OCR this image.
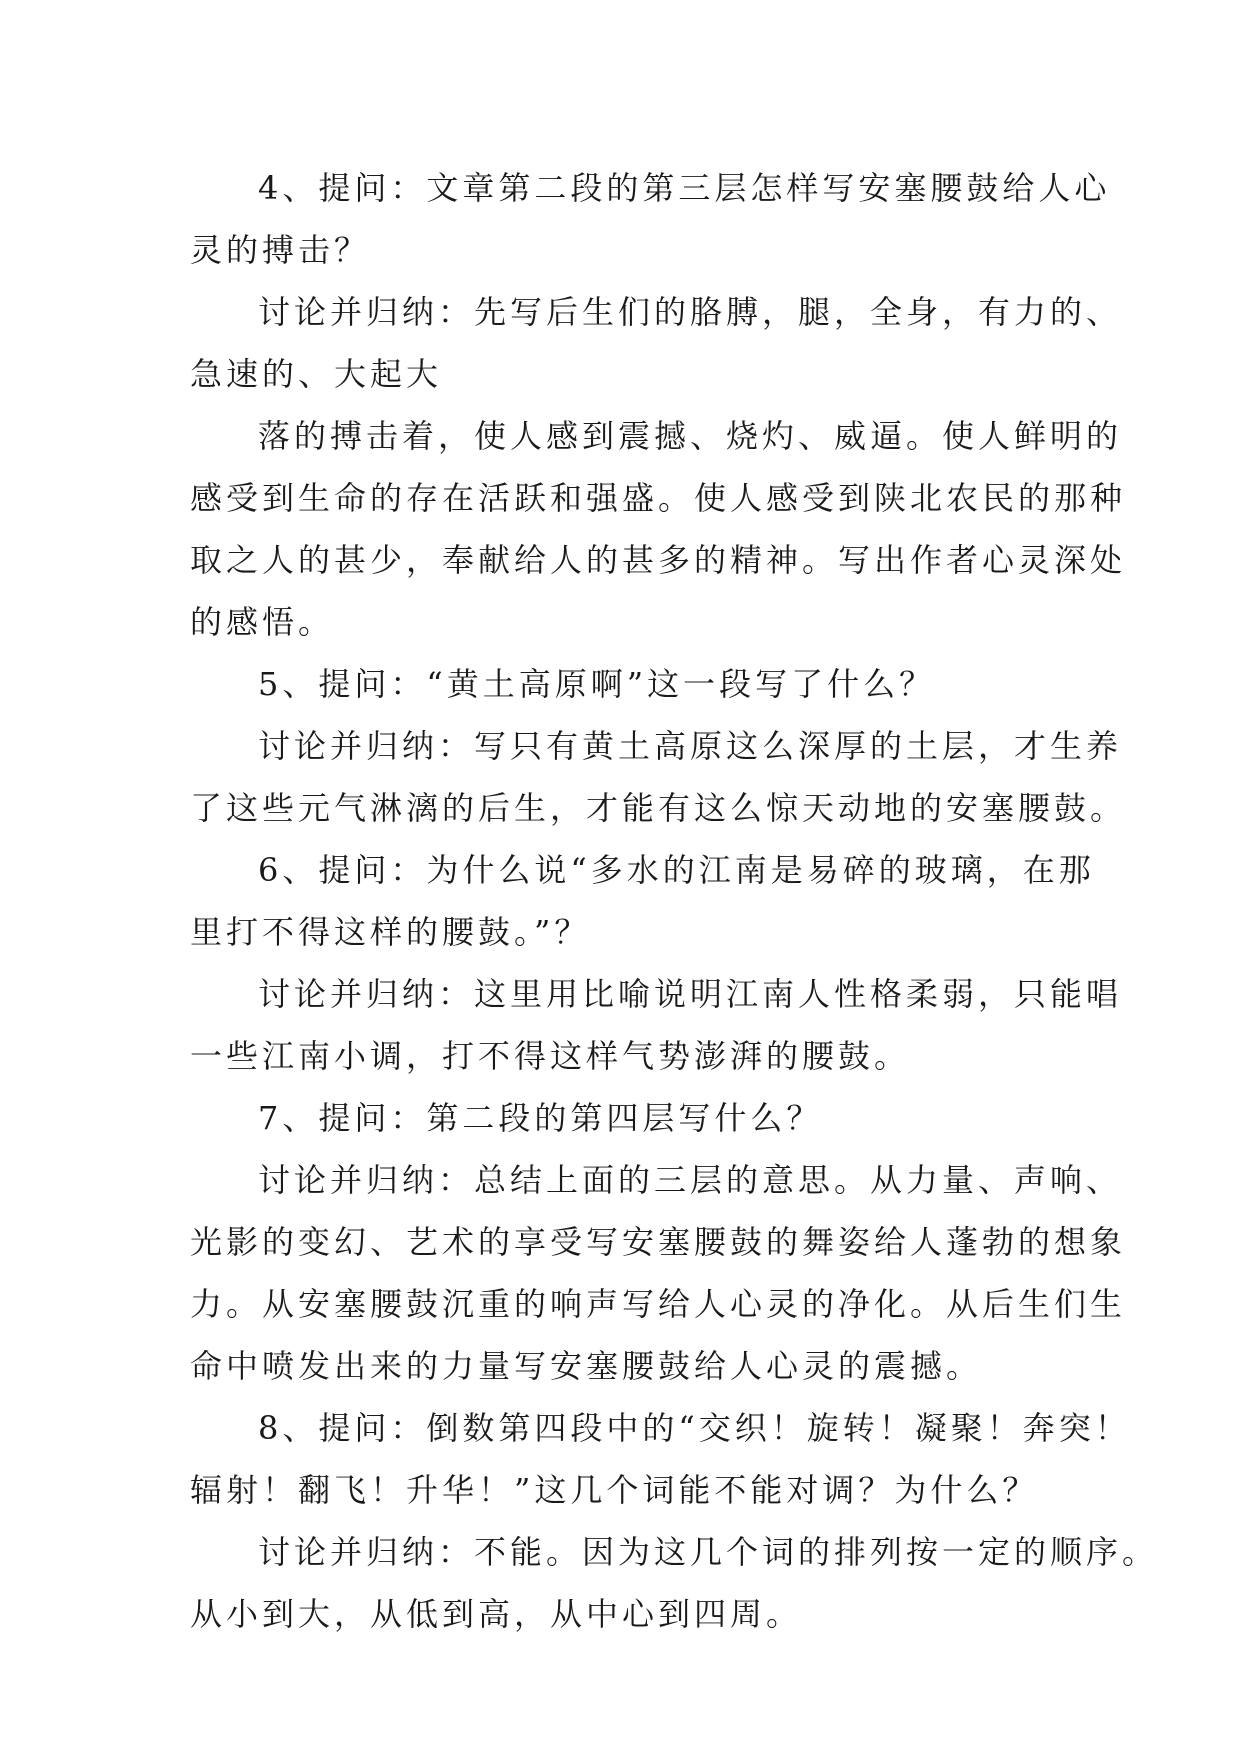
4、提问：文章第二段的第三层怎样写安塞腰鼓给人心
灵的搏击？
讨论并归纳：先写后生们的胳膊，腿，全身，有力的、
急速的、大起大
落的搏击着，使人感到震撼、烧灼、威逼。使人鲜明的
感受到生命的存在活跃和强盛。使人感受到陕北农民的那种
取之人的甚少，奉献给人的甚多的精神。写出作者心灵深处
的感悟。
5、提问：“黄土高原啊”这一段写了什么？
讨论并归纳：写只有黄土高原这么深厚的土层，才生养
了这些元气淋漓的后生，才能有这么惊天动地的安塞腰鼓。
6、提问：为什么说“多水的江南是易碎的玻璃，在那
里打不得这样的腰鼓。”？
讨论并归纳：这里用比喻说明江南人性格柔弱，只能唱
一些江南小调，打不得这样气势澎湃的腰鼓。
7、提问：第二段的第四层写什么？
讨论并归纳：总结上面的三层的意思。从力量、声响、
光影的变幻、艺术的享受写安塞腰鼓的舞姿给人蓬勃的想象
力。从安塞腰鼓沉重的响声写给人心灵的净化。从后生们生
命中喷发出来的力量写安塞腰鼓给人心灵的震撼。
8、提问：倒数第四段中的“交织！旋转！凝聚！奔突！
辐射！翻飞！升华！”这几个词能不能对调？为什么？
讨论并归纳：不能。因为这几个词的排列按一定的顺序。
从小到大，从低到高，从中心到四周。
